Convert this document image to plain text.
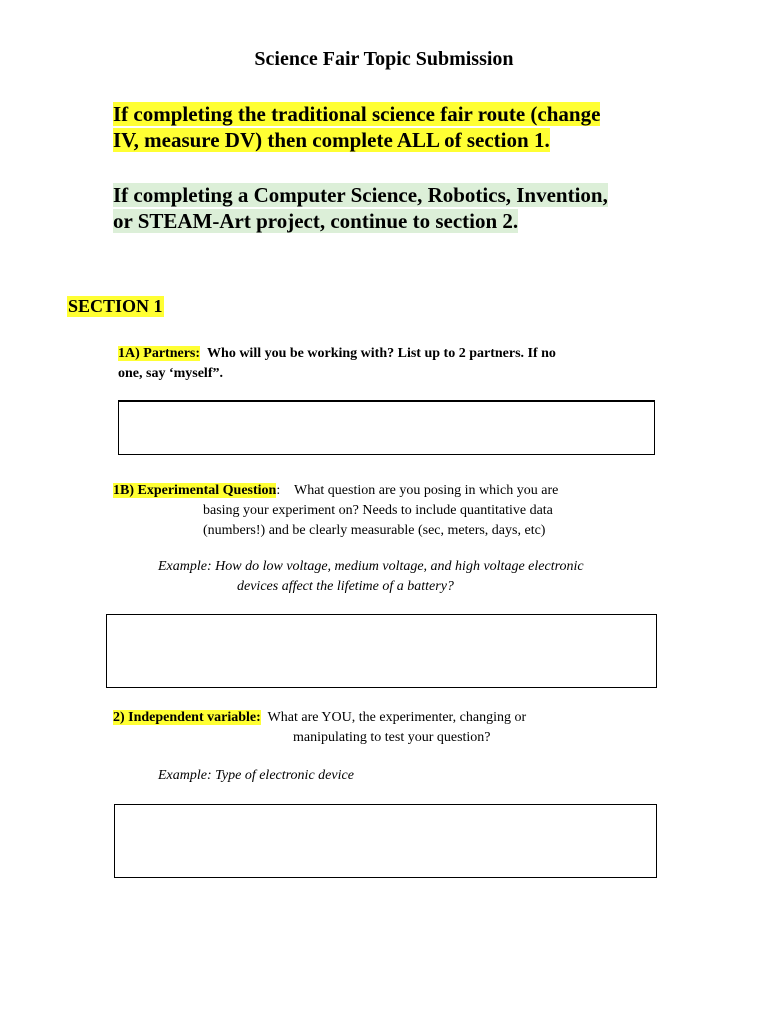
Science Fair Topic Submission
If completing the traditional science fair route (change
IV, measure DV) then complete ALL of section 1.
If completing a Computer Science, Robotics, Invention,
or STEAM-Art project, continue to section 2.
SECTION 1
1A) Partners: Who will you be working with? List up to 2 partners. If no
one, say ‘myself”.
1B) Experimental Question: What question are you posing in which you are
basing your experiment on? Needs to include quantitative data
(numbers!) and be clearly measurable (sec, meters, days, etc)
Example: How do low voltage, medium voltage, and high voltage electronic
devices affect the lifetime of a battery?
2) Independent variable: What are YOU, the experimenter, changing or
manipulating to test your question?
Example: Type of electronic device
